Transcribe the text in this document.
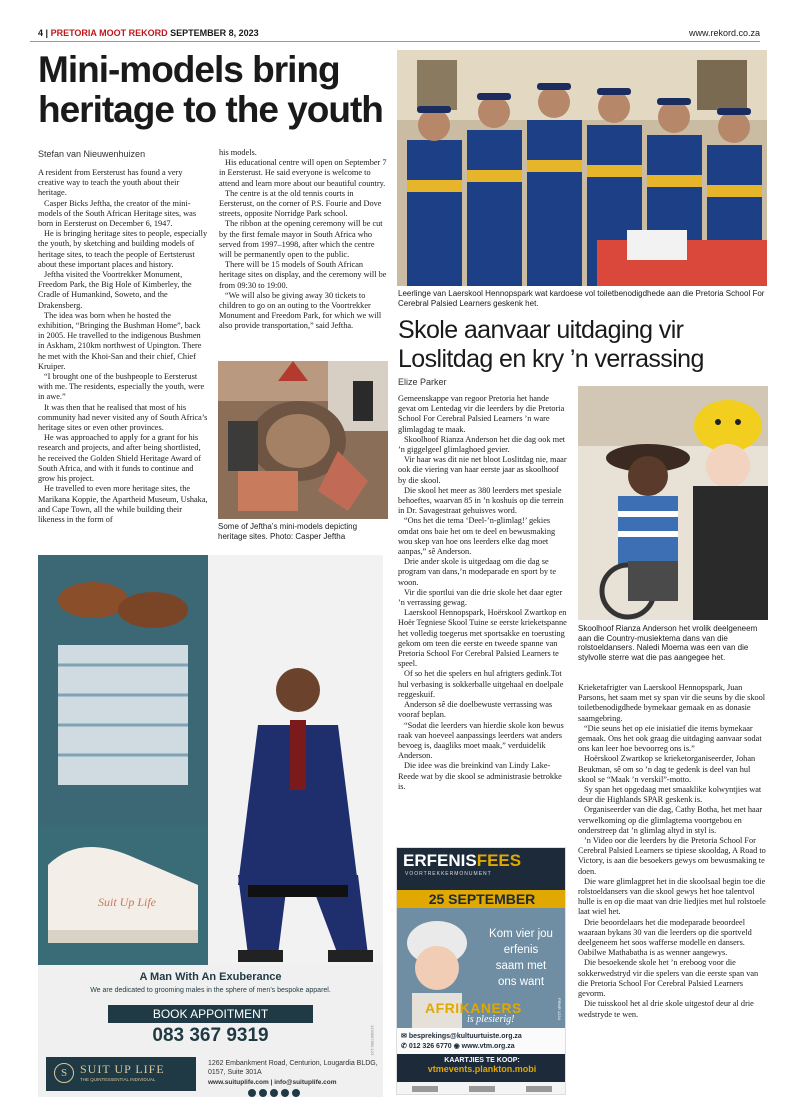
4 | PRETORIA MOOT REKORD SEPTEMBER 8, 2023	www.rekord.co.za
Mini-models bring heritage to the youth
Stefan van Nieuwenhuizen

A resident from Eersterust has found a very creative way to teach the youth about their heritage.

Casper Bicks Jeftha, the creator of the mini-models of the South African Heritage sites, was born in Eersterust on December 6, 1947.

He is bringing heritage sites to people, especially the youth, by sketching and building models of heritage sites, to teach the people of Eertsterust about these important places and history.

Jeftha visited the Voortrekker Monument, Freedom Park, the Big Hole of Kimberley, the Cradle of Humankind, Soweto, and the Drakensberg.

The idea was born when he hosted the exhibition, “Bringing the Bushman Home”, back in 2005. He travelled to the indigenous Bushmen in Askham, 210km northwest of Upington. There he met with the Khoi-San and their chief, Chief Kruiper.

“I brought one of the bushpeople to Eersterust with me. The residents, especially the youth, were in awe.”

It was then that he realised that most of his community had never visited any of South Africa’s heritage sites or even other provinces.

He was approached to apply for a grant for his research and projects, and after being shortlisted, he received the Golden Shield Heritage Award of South Africa, and with it funds to continue and grow his project.

He travelled to even more heritage sites, the Marikana Koppie, the Apartheid Museum, Ushaka, and Cape Town, all the while building their likeness in the form of

his models.

His educational centre will open on September 7 in Eersterust. He said everyone is welcome to attend and learn more about our beautiful country.

The centre is at the old tennis courts in Eersterust, on the corner of P.S. Fourie and Dove streets, opposite Norridge Park school.

The ribbon at the opening ceremony will be cut by the first female mayor in South Africa who served from 1997–1998, after which the centre will be permanently open to the public.

There will be 15 models of South African heritage sites on display, and the ceremony will be from 09:30 to 19:00.

“We will also be giving away 30 tickets to children to go on an outing to the Voortrekker Monument and Freedom Park, for which we will also provide transportation,” said Jeftha.

Some of Jeftha’s mini-models depicting heritage sites. Photo: Casper Jeftha
Leerlinge van Laerskool Hennopspark wat kardoese vol toiletbenodigdhede aan die Pretoria School For Cerebral Palsied Learners geskenk het.
Skole aanvaar uitdaging vir Loslitdag en kry ’n verrassing
Elize Parker

Gemeenskappe van regoor Pretoria het hande gevat om Lentedag vir die leerders by die Pretoria School For Cerebral Palsied Learners ’n ware glimlagdag te maak.

Skoolhoof Rianza Anderson het die dag ook met ’n giggelgeel glimlaghoed gevier.

Vir haar was dit nie net bloot Loslitdag nie, maar ook die viering van haar eerste jaar as skoolhoof by die skool.

Die skool het meer as 380 leerders met spesiale behoeftes, waarvan 85 in ’n koshuis op die terrein in Dr. Savagestraat gehuisves word.

“Ons het die tema ‘Deel-’n-glimlag!’ gekies omdat ons baie het om te deel en bewusmaking wou skep van hoe ons leerders elke dag moet aanpas,” sê Anderson.

Drie ander skole is uitgedaag om die dag se program van dans,’n modeparade en sport by te woon.

Vir die sportlui van die drie skole het daar egter ’n verrassing gewag.

Laerskool Hennopspark, Hoërskool Zwartkop en Hoër Tegniese Skool Tuine se eerste krieketspanne het volledig toegerus met sportsakke en toerusting gekom om teen die eerste en tweede spanne van Pretoria School For Cerebral Palsied Learners te speel.

Of so het die spelers en hul afrigters gedink.Tot hul verbasing is sokkerballe uitgehaal en doelpale reggeskuif.

Anderson sê die doelbewuste verrassing was vooraf beplan.

“Sodat die leerders van hierdie skole kon bewus raak van hoeveel aanpassings leerders wat anders bevoeg is, daagliks moet maak,” verduidelik Anderson.

Die idee was die breinkind van Lindy Lake-Reede wat by die skool se administrasie betrokke is.

Skoolhoof Rianza Anderson het vrolik deelgeneem aan die Country-musiektema dans van die rolstoeldansers. Naledi Moema was een van die stylvolle sterre wat die pas aangegee het.

Krieketafrigter van Laerskool Hennopspark, Juan Parsons, het saam met sy span vir die seuns by die skool toiletbenodigdhede bymekaar gemaak en as donasie saamgebring.

“Die seuns het op eie inisiatief die items bymekaar gemaak. Ons het ook graag die uitdaging aanvaar sodat ons kan leer hoe bevoorreg ons is.”

Hoërskool Zwartkop se krieketorganiseerder, Johan Beukman, sê om so ’n dag te gedenk is deel van hul skool se “Maak ’n verskil”-motto.

Sy span het opgedaag met smaaklike kolwyntjies wat deur die Highlands SPAR geskenk is.

Organiseerder van die dag, Cathy Botha, het met haar verwelkoming op die glimlagtema voortgebou en onderstreep dat ’n glimlag altyd in styl is.

’n Video oor die leerders by die Pretoria School For Cerebral Palsied Learners se tipiese skooldag, A Road to Victory, is aan die besoekers gewys om bewusmaking te doen.

Die ware glimlagpret het in die skoolsaal begin toe die rolstoeldansers van die skool gewys het hoe talentvol hulle is en op die maat van drie liedjies met hul rolstoele laat wiel het.

Drie beoordelaars het die modeparade beoordeel waaraan bykans 30 van die leerders op die sportveld deelgeneem het soos wafferse modelle en dansers. Oabilwe Mathabatha is as wenner aangewys.

Die besoekende skole het ’n ereboog voor die sokkerwedstryd vir die spelers van die eerste span van die Pretoria School For Cerebral Palsied Learners gevorm.

Die tuisskool het al drie skole uitgestof deur al drie wedstryde te wen.

Suit Up Life
A Man With An Exuberance
We are dedicated to grooming males in the sphere of men’s bespoke apparel.
BOOK APPOITMENT
083 367 9319
S	SUIT UP LIFE
THE QUINTESSENTIAL INDIVIDUAL
1262 Embankment Road, Centurion, Lougardia BLDG, 0157, Suite 301A
www.suituplife.com | info@suituplife.com
1234567890-123
ERFENISFEES
VOORTREKKERMONUMENT
25 SEPTEMBER
Kom vier jou
erfenis
saam met
ons want
AFRIKANERS
is plesierig!
✉ besprekings@kultuurtuiste.org.za
✆ 012 326 6770 ◉ www.vtm.org.za
KAARTJIES TE KOOP:
vtmevents.plankton.mobi
PRMR 1234
